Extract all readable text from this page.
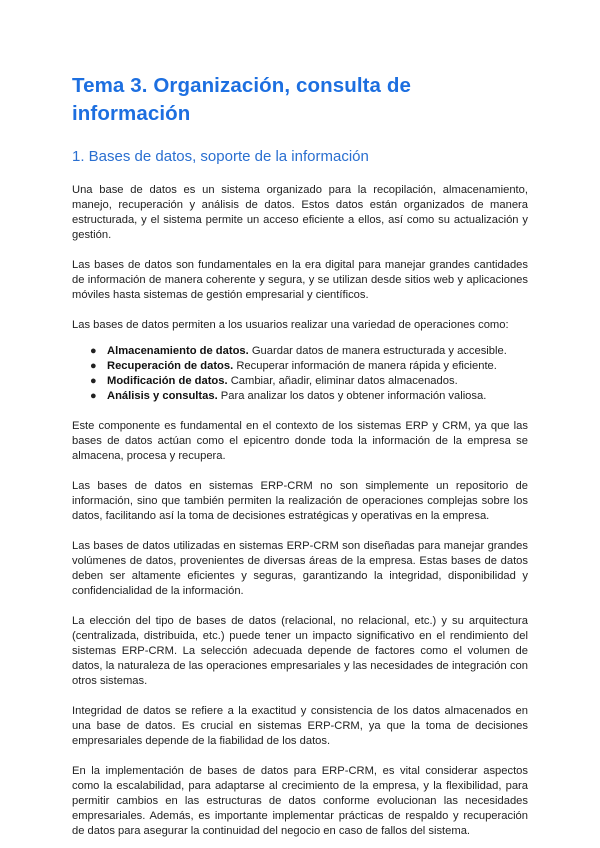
Tema 3. Organización, consulta de información
1. Bases de datos, soporte de la información

Una base de datos es un sistema organizado para la recopilación, almacenamiento, manejo, recuperación y análisis de datos. Estos datos están organizados de manera estructurada, y el sistema permite un acceso eficiente a ellos, así como su actualización y gestión.

Las bases de datos son fundamentales en la era digital para manejar grandes cantidades de información de manera coherente y segura, y se utilizan desde sitios web y aplicaciones móviles hasta sistemas de gestión empresarial y científicos.

Las bases de datos permiten a los usuarios realizar una variedad de operaciones como:

● Almacenamiento de datos. Guardar datos de manera estructurada y accesible.
● Recuperación de datos. Recuperar información de manera rápida y eficiente.
● Modificación de datos. Cambiar, añadir, eliminar datos almacenados.
● Análisis y consultas. Para analizar los datos y obtener información valiosa.

Este componente es fundamental en el contexto de los sistemas ERP y CRM, ya que las bases de datos actúan como el epicentro donde toda la información de la empresa se almacena, procesa y recupera.

Las bases de datos en sistemas ERP-CRM no son simplemente un repositorio de información, sino que también permiten la realización de operaciones complejas sobre los datos, facilitando así la toma de decisiones estratégicas y operativas en la empresa.

Las bases de datos utilizadas en sistemas ERP-CRM son diseñadas para manejar grandes volúmenes de datos, provenientes de diversas áreas de la empresa. Estas bases de datos deben ser altamente eficientes y seguras, garantizando la integridad, disponibilidad y confidencialidad de la información.

La elección del tipo de bases de datos (relacional, no relacional, etc.) y su arquitectura (centralizada, distribuida, etc.) puede tener un impacto significativo en el rendimiento del sistemas ERP-CRM. La selección adecuada depende de factores como el volumen de datos, la naturaleza de las operaciones empresariales y las necesidades de integración con otros sistemas.

Integridad de datos se refiere a la exactitud y consistencia de los datos almacenados en una base de datos. Es crucial en sistemas ERP-CRM, ya que la toma de decisiones empresariales depende de la fiabilidad de los datos.

En la implementación de bases de datos para ERP-CRM, es vital considerar aspectos como la escalabilidad, para adaptarse al crecimiento de la empresa, y la flexibilidad, para permitir cambios en las estructuras de datos conforme evolucionan las necesidades empresariales. Además, es importante implementar prácticas de respaldo y recuperación de datos para asegurar la continuidad del negocio en caso de fallos del sistema.
